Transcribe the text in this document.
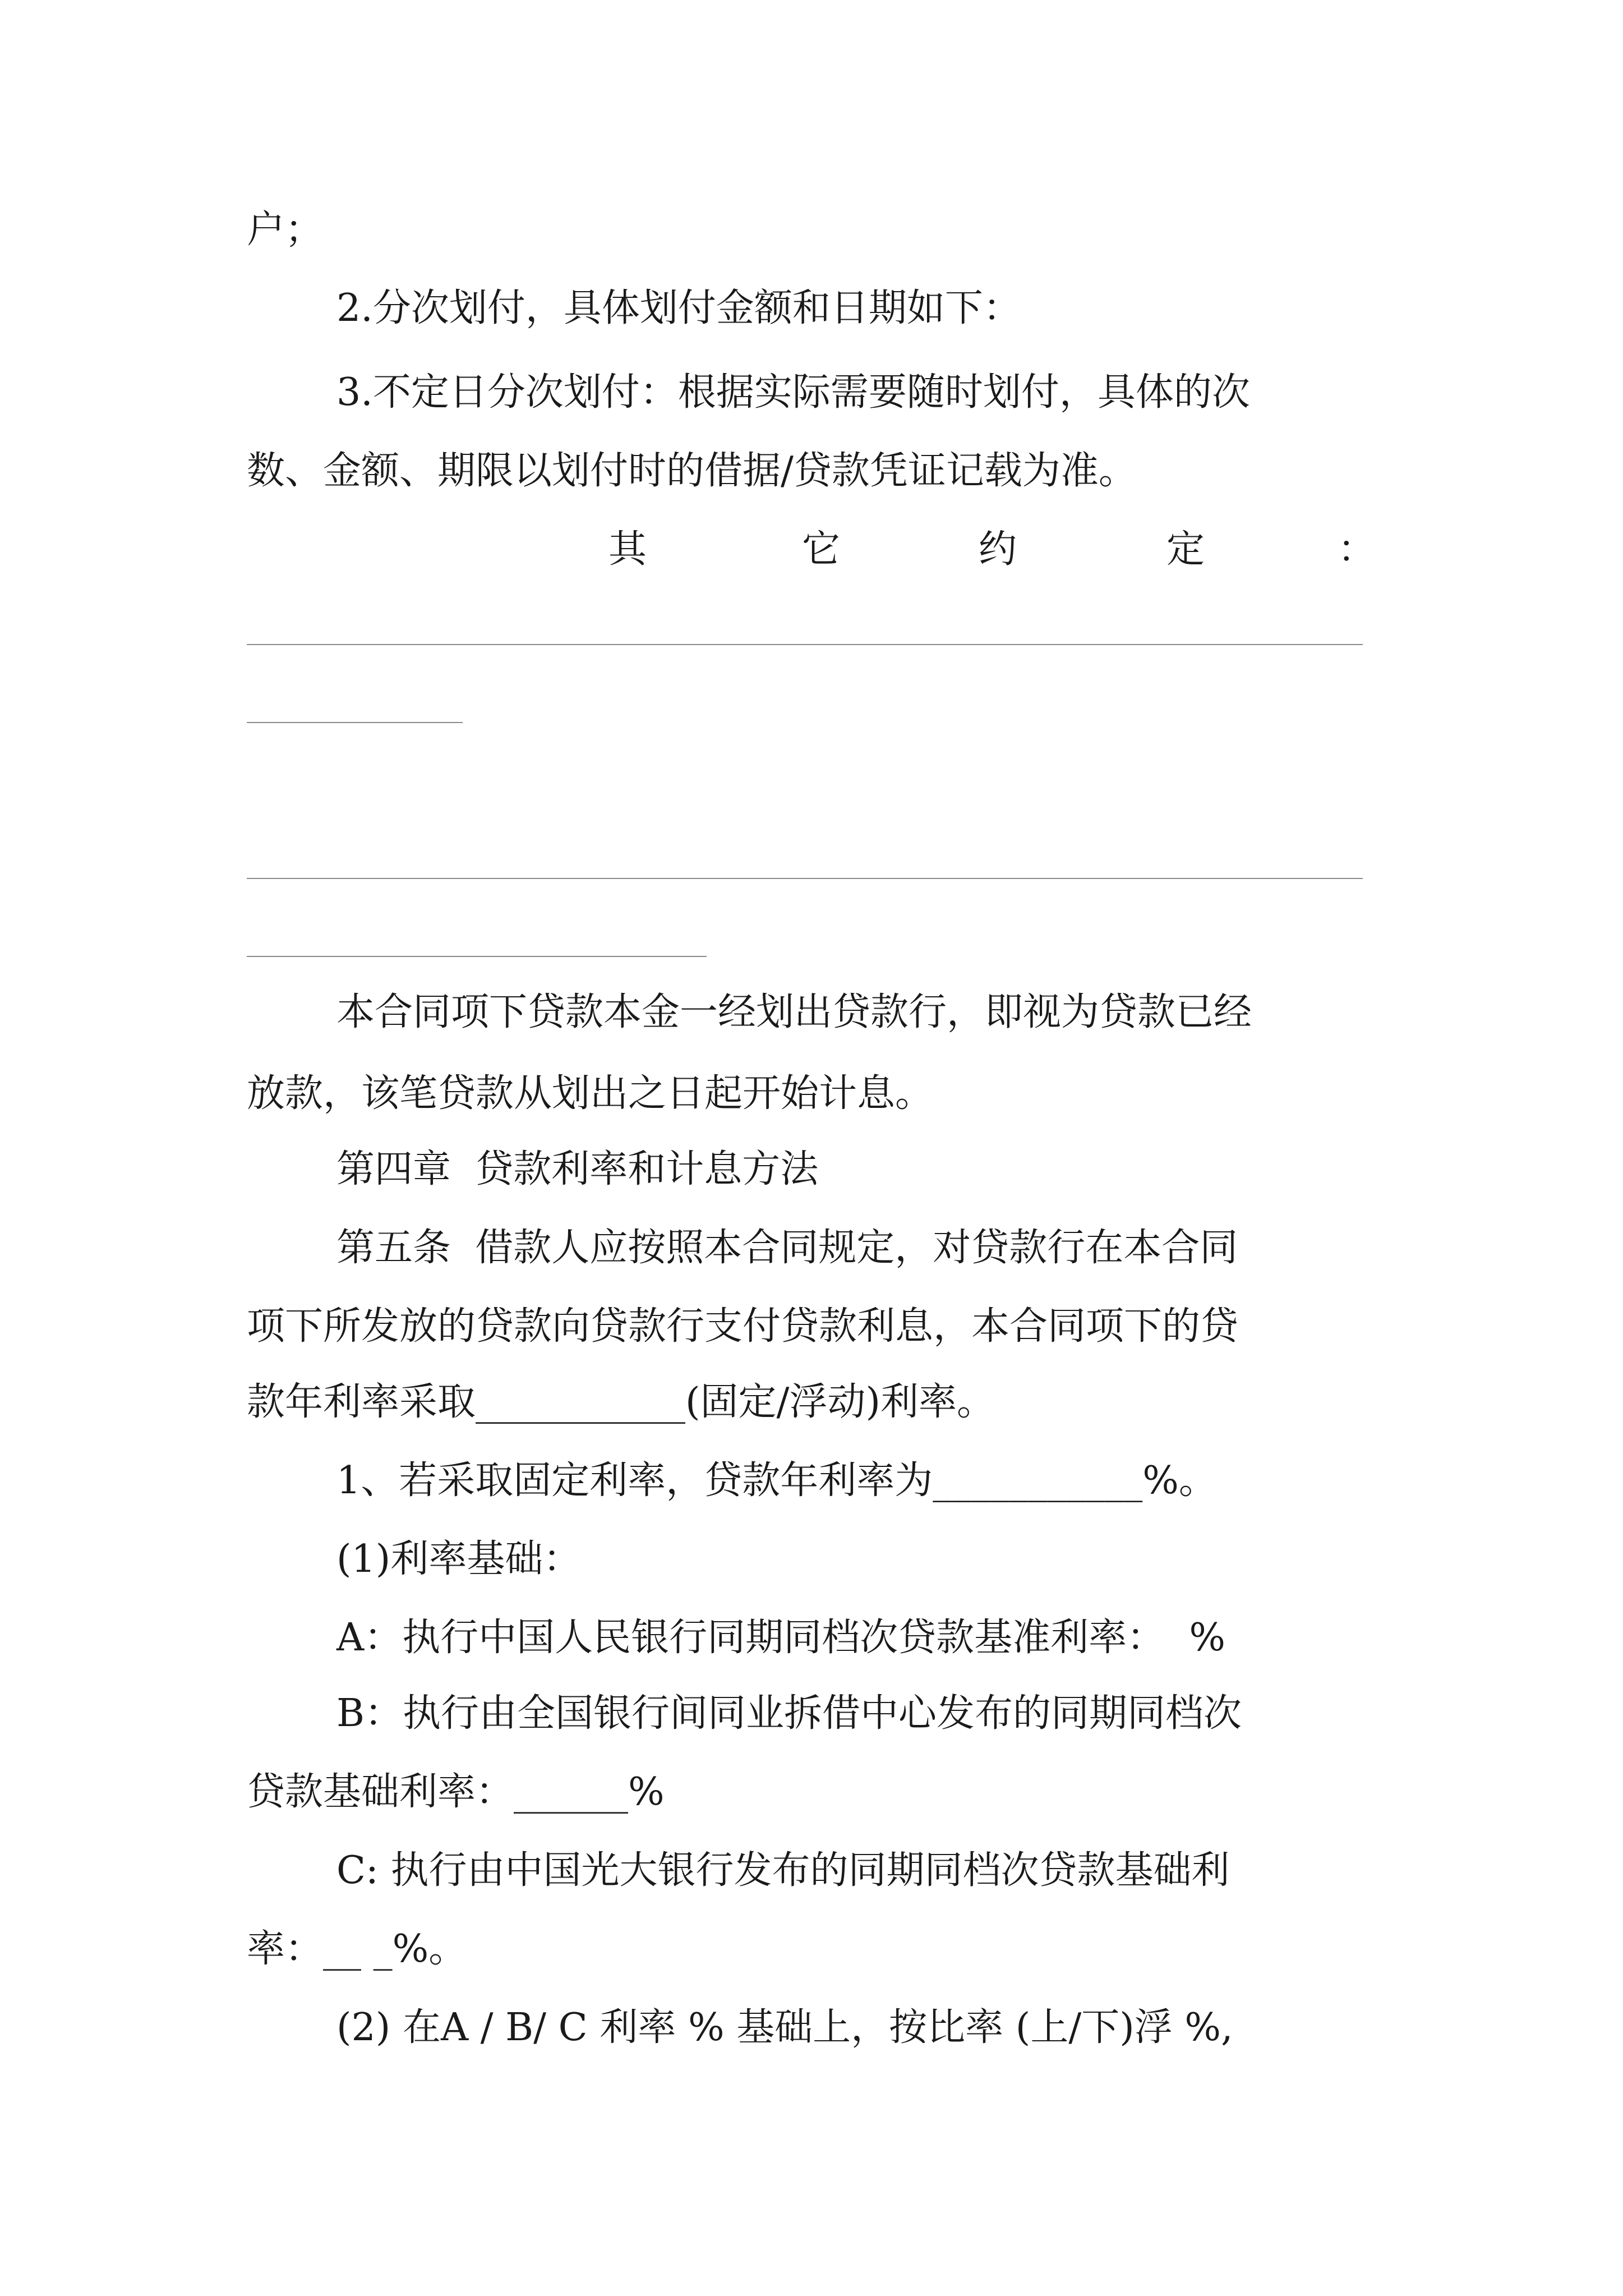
户；
2.分次划付，具体划付金额和日期如下：
3.不定日分次划付：根据实际需要随时划付，具体的次
数、金额、期限以划付时的借据/贷款凭证记载为准。
其	它	约	定	：
本合同项下贷款本金一经划出贷款行，即视为贷款已经
放款，该笔贷款从划出之日起开始计息。
第四章  贷款利率和计息方法
第五条  借款人应按照本合同规定，对贷款行在本合同
项下所发放的贷款向贷款行支付贷款利息，本合同项下的贷
款年利率采取___________(固定/浮动)利率。
1、若采取固定利率，贷款年利率为___________%。
(1)利率基础：
A：执行中国人民银行同期同档次贷款基准利率：  %
B：执行由全国银行间同业拆借中心发布的同期同档次
贷款基础利率：______%
C: 执行由中国光大银行发布的同期同档次贷款基础利
率：__ _%。
(2) 在A / B/ C 利率 % 基础上，按比率 (上/下)浮 %,
